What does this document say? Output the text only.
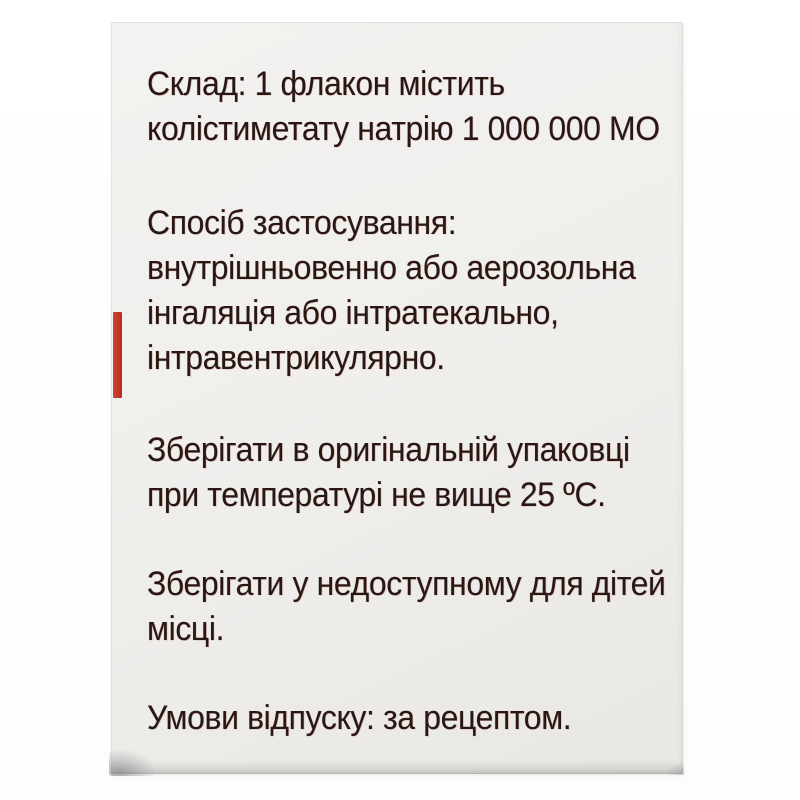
Склад: 1 флакон містить
колістиметату натрію 1 000 000 МО
Спосіб застосування:
внутрішньовенно або аерозольна
інгаляція або інтратекально,
інтравентрикулярно.
Зберігати в оригінальній упаковці
при температурі не вище 25 ºС.
Зберігати у недоступному для дітей
місці.
Умови відпуску: за рецептом.
